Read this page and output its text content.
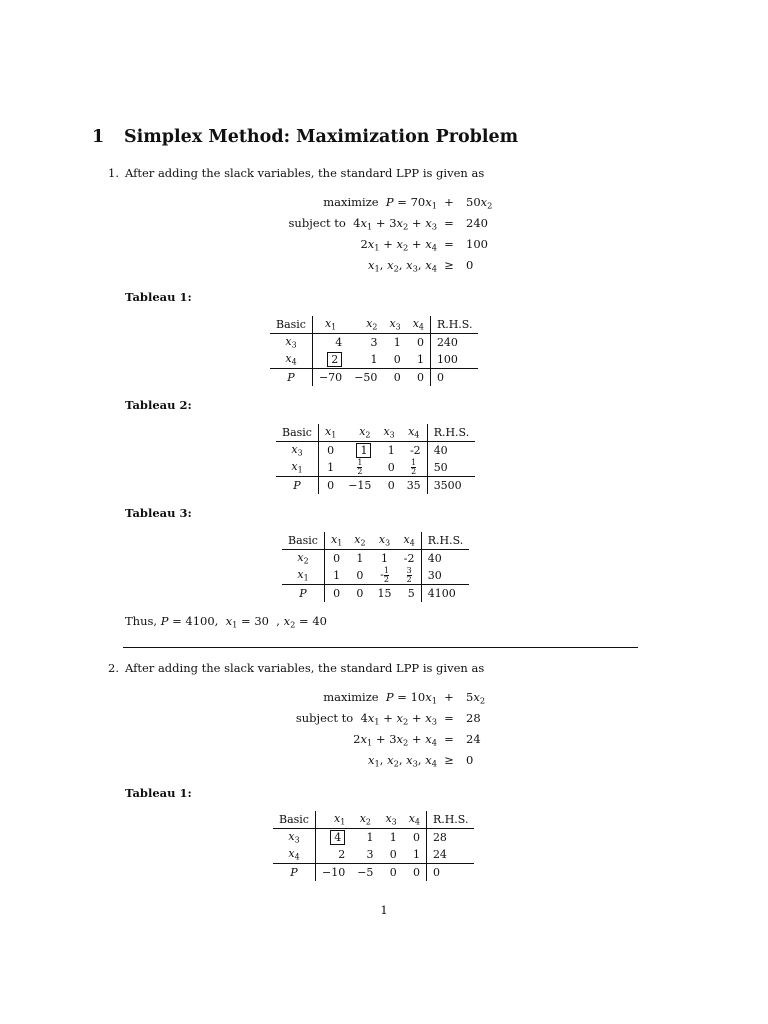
1 Simplex Method: Maximization Problem
1. After adding the slack variables, the standard LPP is given as
maximize $P = 70x_1$ +	$50x_2$
subject to  $4x_1 + 3x_2 + x_3$ =	240
$2x_1 + x_2 + x_4$ =	100
$x_1$, $x_2$, $x_3$, $x_4$ ≥	0
Tableau 1:
Basic	$x_1$	$x_2$	$x_3$	$x_4$	R.H.S.
$x_3$	4	3	1	0	240
$x_4$	2	1	0	1	100
P	−70	−50	0	0	0
Tableau 2:
Basic	$x_1$	$x_2$	$x_3$	$x_4$	R.H.S.
$x_3$	0	1	1	-2	40
$x_1$	1	$\frac{1}{2}$	0	$\frac{1}{2}$	50
P	0	−15	0	35	3500
Tableau 3:
Basic	$x_1$	$x_2$	$x_3$	$x_4$	R.H.S.
$x_2$	0	1	1	-2	40
$x_1$	1	0	- $\frac{1}{2}$	$\frac{3}{2}$	30
P	0	0	15	5	4100
Thus, P = 4100,  $x_1 = 30$  , $x_2 = 40$
2. After adding the slack variables, the standard LPP is given as
maximize $P = 10x_1$ +	$5x_2$
subject to  $4x_1 + x_2 + x_3$ =	28
$2x_1 + 3x_2 + x_4$ =	24
$x_1$, $x_2$, $x_3$, $x_4$ ≥	0
Tableau 1:
Basic	$x_1$	$x_2$	$x_3$	$x_4$	R.H.S.
$x_3$	4	1	1	0	28
$x_4$	2	3	0	1	24
P	−10	−5	0	0	0
1
